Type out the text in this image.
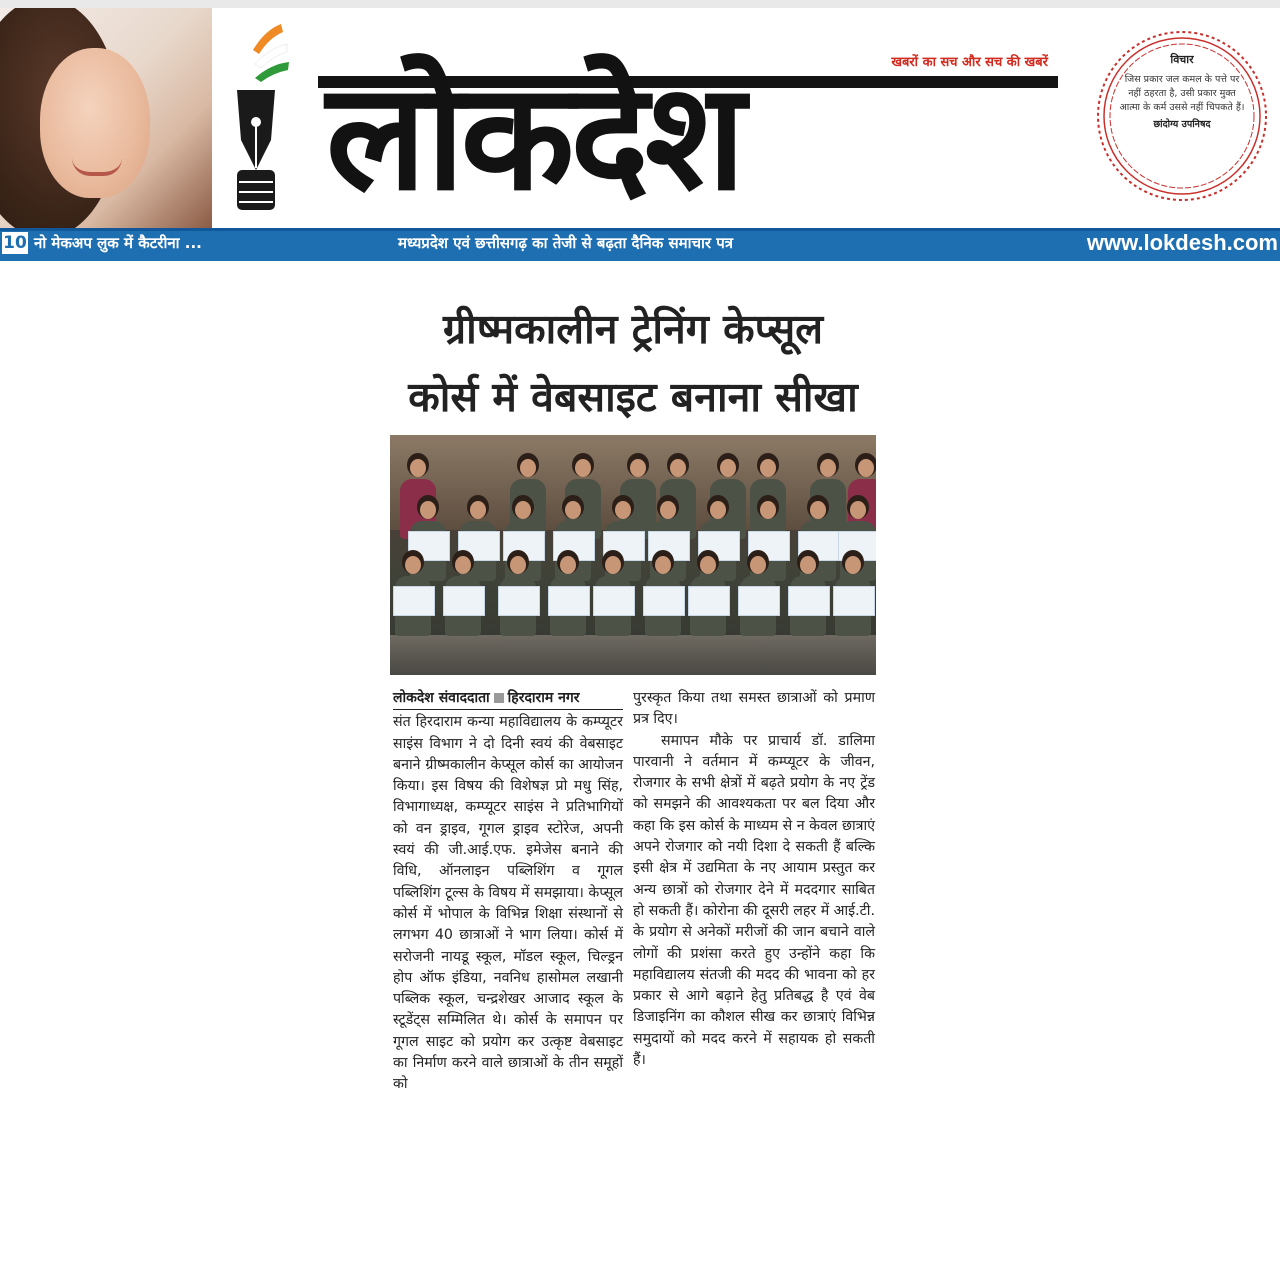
लोकदेश	खबरों का सच और सच की खबरें	विचार
जिस प्रकार जल कमल के पत्ते पर नहीं ठहरता है, उसी प्रकार मुक्त आत्मा के कर्म उससे नहीं चिपकते हैं।
छांदोग्य उपनिषद
10 नो मेकअप लुक में कैटरीना ...	मध्यप्रदेश एवं छत्तीसगढ़ का तेजी से बढ़ता दैनिक समाचार पत्र	www.lokdesh.com
ग्रीष्मकालीन ट्रेनिंग केप्सूल
कोर्स में वेबसाइट बनाना सीखा
लोकदेश संवाददाता हिरदाराम नगर

संत हिरदाराम कन्या महाविद्यालय के कम्प्यूटर साइंस विभाग ने दो दिनी स्वयं की वेबसाइट बनाने ग्रीष्मकालीन केप्सूल कोर्स का आयोजन किया। इस विषय की विशेषज्ञ प्रो मधु सिंह, विभागाध्यक्ष, कम्प्यूटर साइंस ने प्रतिभागियों को वन ड्राइव, गूगल ड्राइव स्टोरेज, अपनी स्वयं की जी.आई.एफ. इमेजेस बनाने की विधि, ऑनलाइन पब्लिशिंग व गूगल पब्लिशिंग टूल्स के विषय में समझाया। केप्सूल कोर्स में भोपाल के विभिन्न शिक्षा संस्थानों से लगभग 40 छात्राओं ने भाग लिया। कोर्स में सरोजनी नायडू स्कूल, मॉडल स्कूल, चिल्ड्रन होप ऑफ इंडिया, नवनिध हासोमल लखानी पब्लिक स्कूल, चन्द्रशेखर आजाद स्कूल के स्टूडेंट्स सम्मिलित थे। कोर्स के समापन पर गूगल साइट को प्रयोग कर उत्कृष्ट वेबसाइट का निर्माण करने वाले छात्राओं के तीन समूहों को

पुरस्कृत किया तथा समस्त छात्राओं को प्रमाण प्रत्र दिए।

समापन मौके पर प्राचार्य डॉ. डालिमा पारवानी ने वर्तमान में कम्प्यूटर के जीवन, रोजगार के सभी क्षेत्रों में बढ़ते प्रयोग के नए ट्रेंड को समझने की आवश्यकता पर बल दिया और कहा कि इस कोर्स के माध्यम से न केवल छात्राएं अपने रोजगार को नयी दिशा दे सकती हैं बल्कि इसी क्षेत्र में उद्यमिता के नए आयाम प्रस्तुत कर अन्य छात्रों को रोजगार देने में मददगार साबित हो सकती हैं। कोरोना की दूसरी लहर में आई.टी. के प्रयोग से अनेकों मरीजों की जान बचाने वाले लोगों की प्रशंसा करते हुए उन्होंने कहा कि महाविद्यालय संतजी की मदद की भावना को हर प्रकार से आगे बढ़ाने हेतु प्रतिबद्ध है एवं वेब डिजाइनिंग का कौशल सीख कर छात्राएं विभिन्न समुदायों को मदद करने में सहायक हो सकती हैं।
